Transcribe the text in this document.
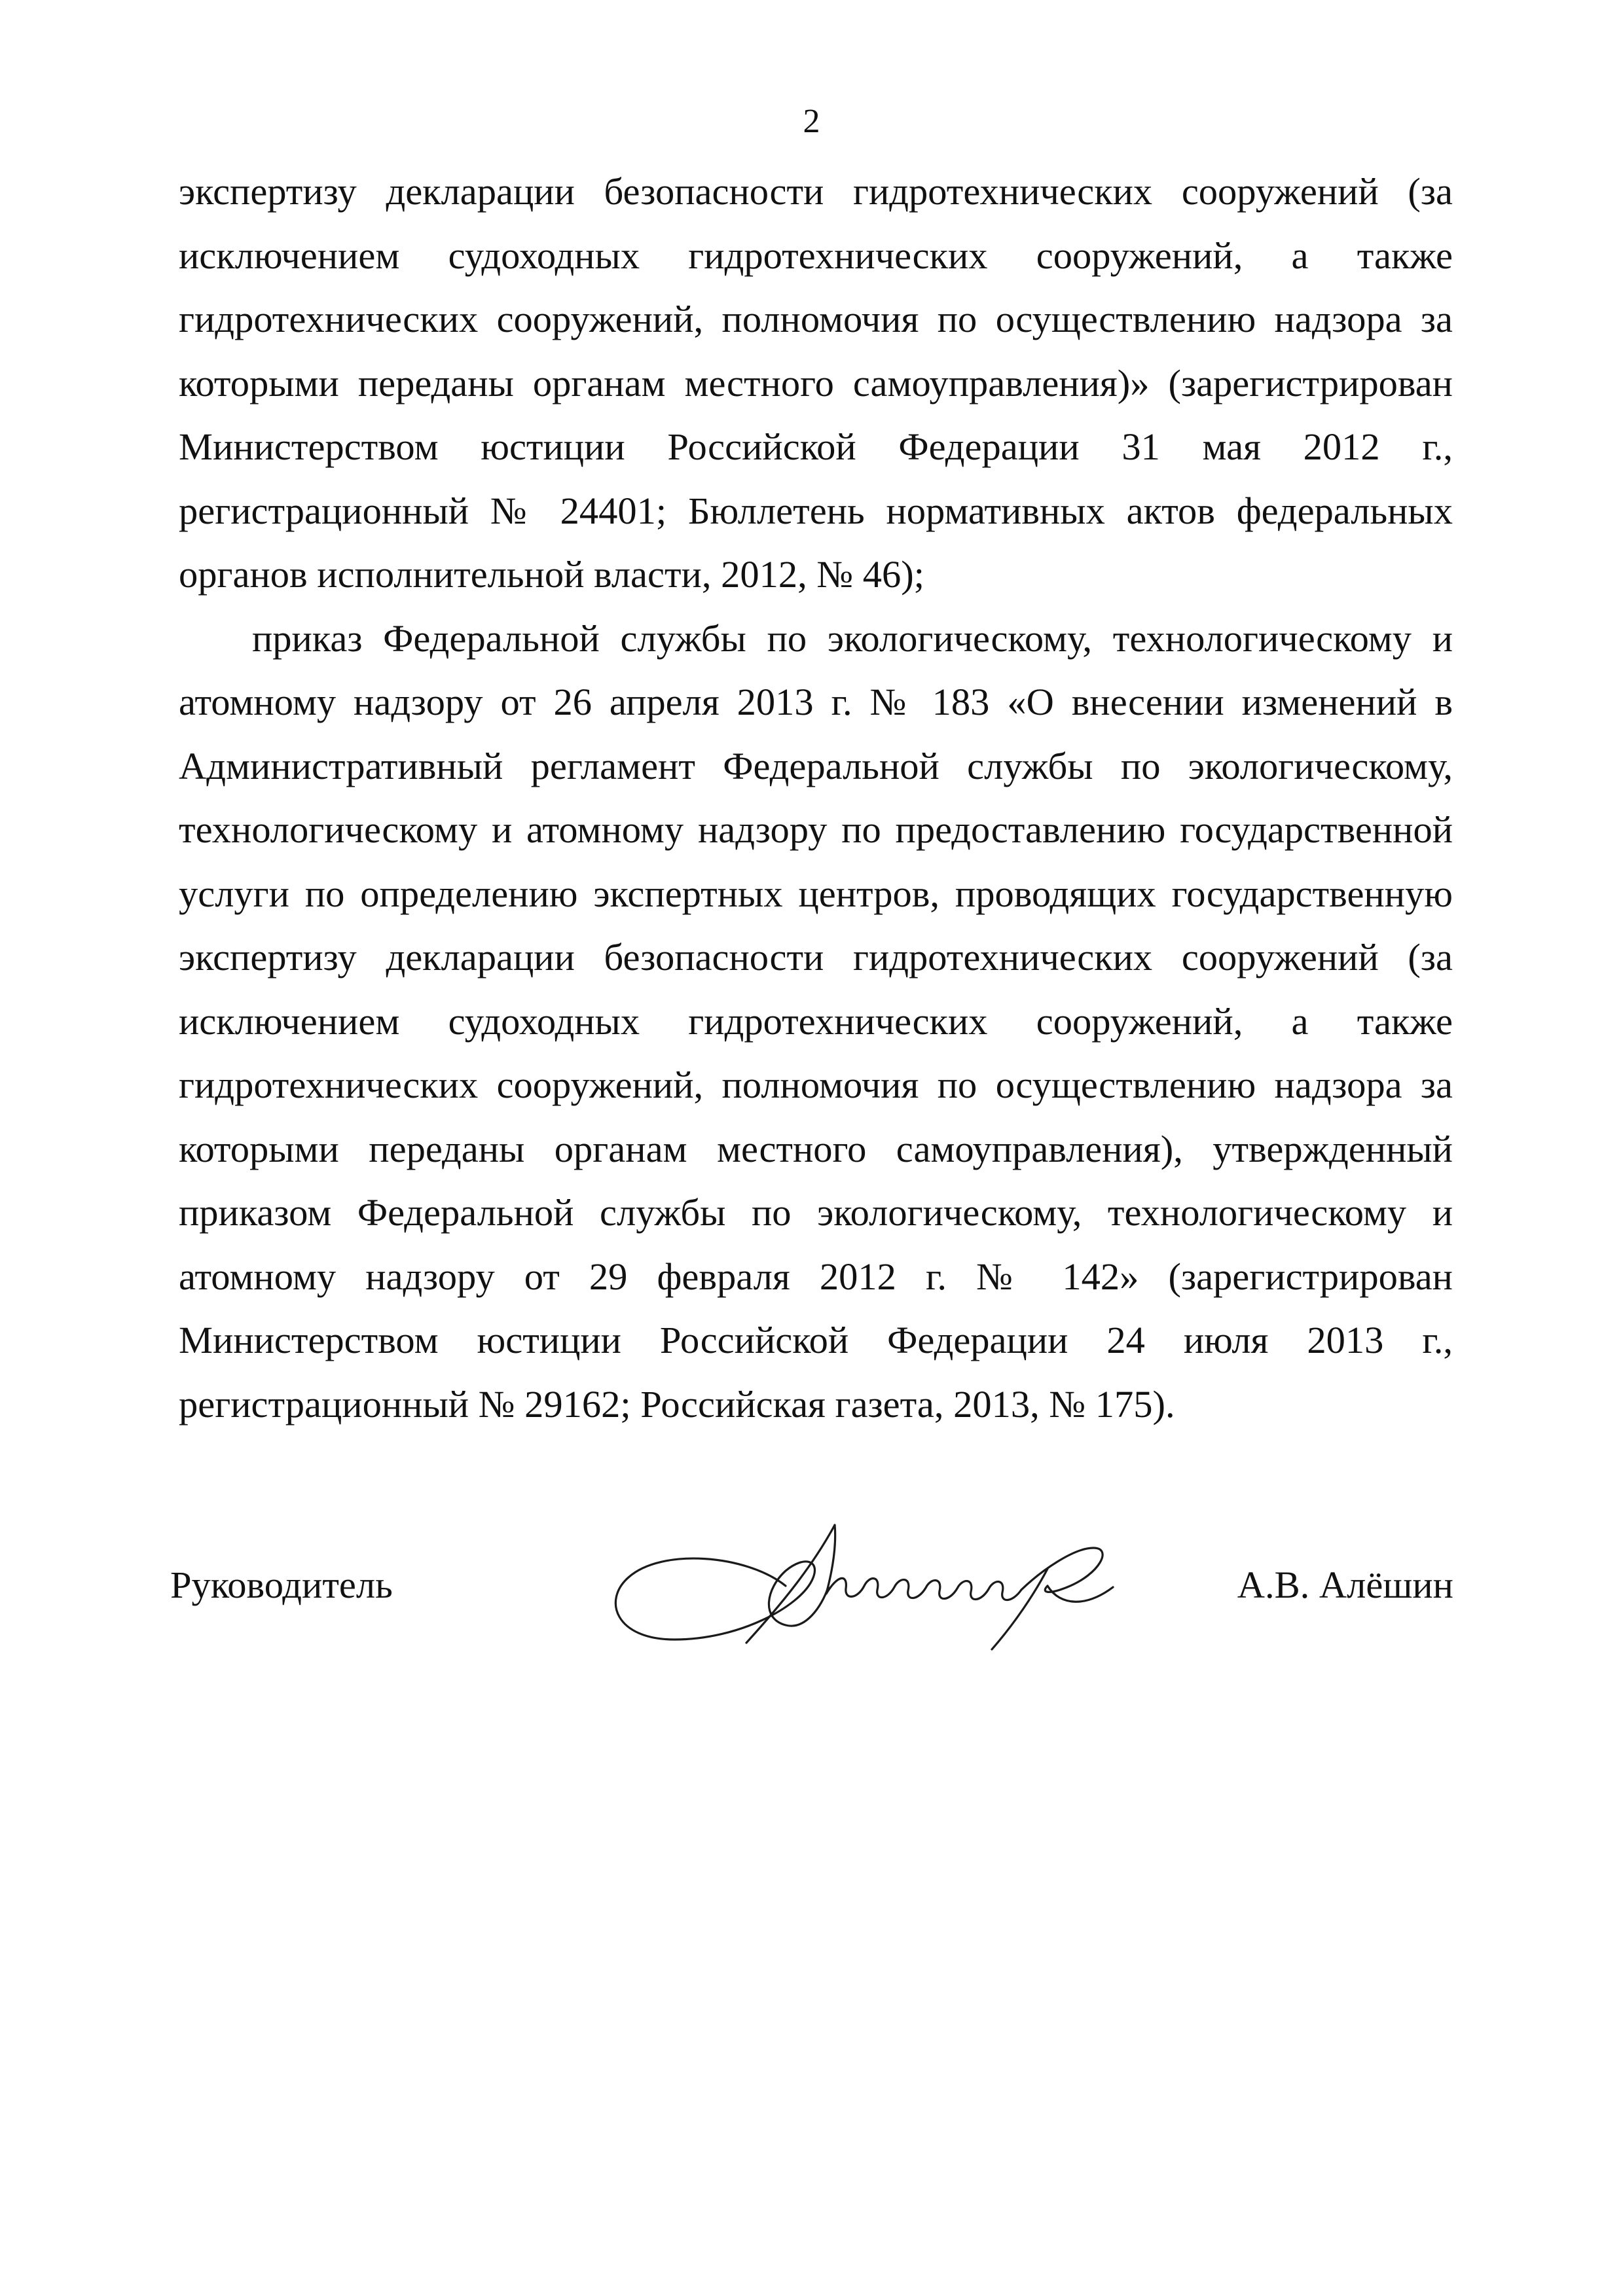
2

экспертизу декларации безопасности гидротехнических сооружений (за исключением судоходных гидротехнических сооружений, а также гидротехнических сооружений, полномочия по осуществлению надзора за которыми переданы органам местного самоуправления)» (зарегистрирован Министерством юстиции Российской Федерации 31 мая 2012 г., регистрационный № 24401; Бюллетень нормативных актов федеральных органов исполнительной власти, 2012, № 46);

приказ Федеральной службы по экологическому, технологическому и атомному надзору от 26 апреля 2013 г. № 183 «О внесении изменений в Административный регламент Федеральной службы по экологическому, технологическому и атомному надзору по предоставлению государственной услуги по определению экспертных центров, проводящих государственную экспертизу декларации безопасности гидротехнических сооружений (за исключением судоходных гидротехнических сооружений, а также гидротехнических сооружений, полномочия по осуществлению надзора за которыми переданы органам местного самоуправления), утвержденный приказом Федеральной службы по экологическому, технологическому и атомному надзору от 29 февраля 2012 г. № 142» (зарегистрирован Министерством юстиции Российской Федерации 24 июля 2013 г., регистрационный № 29162; Российская газета, 2013, № 175).

Руководитель	А.В. Алёшин
